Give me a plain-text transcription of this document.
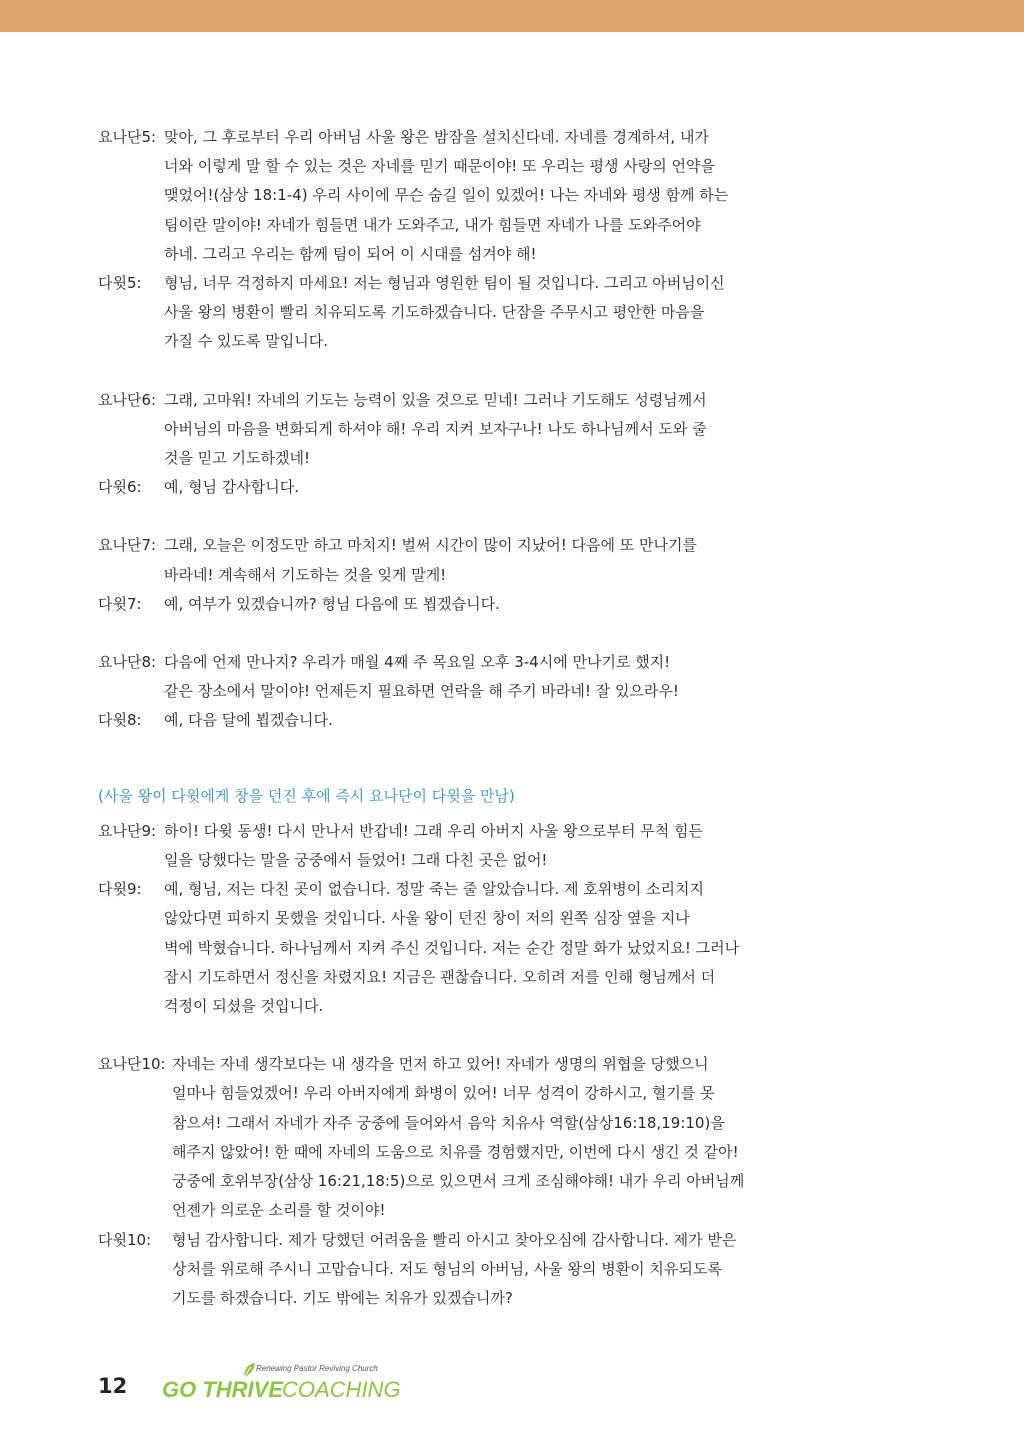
요나단5: 맞아, 그 후로부터 우리 아버님 사울 왕은 밤잠을 설치신다네. 자네를 경계하셔, 내가
너와 이렇게 말 할 수 있는 것은 자네를 믿기 때문이야! 또 우리는 평생 사랑의 언약을
맺었어!(삼상 18:1-4) 우리 사이에 무슨 숨길 일이 있겠어! 나는 자네와 평생 함께 하는
팀이란 말이야! 자네가 힘들면 내가 도와주고, 내가 힘들면 자네가 나를 도와주어야
하네. 그리고 우리는 함께 팀이 되어 이 시대를 섬겨야 해!
다윗5:	형님, 너무 걱정하지 마세요! 저는 형님과 영원한 팀이 될 것입니다. 그리고 아버님이신
사울 왕의 병환이 빨리 치유되도록 기도하겠습니다. 단잠을 주무시고 평안한 마음을
가질 수 있도록 말입니다.
요나단6: 그래, 고마워! 자네의 기도는 능력이 있을 것으로 믿네! 그러나 기도해도 성령님께서
아버님의 마음을 변화되게 하셔야 해! 우리 지켜 보자구나! 나도 하나님께서 도와 줄
것을 믿고 기도하겠네!
다윗6:	예, 형님 감사합니다.
요나단7: 그래, 오늘은 이정도만 하고 마치지! 벌써 시간이 많이 지났어! 다음에 또 만나기를
바라네! 계속해서 기도하는 것을 잊게 말게!
다윗7:	예, 여부가 있겠습니까? 형님 다음에 또 뵙겠습니다.
요나단8: 다음에 언제 만나지? 우리가 매월 4째 주 목요일 오후 3-4시에 만나기로 했지!
같은 장소에서 말이야! 언제든지 필요하면 연락을 해 주기 바라네! 잘 있으라우!
다윗8:	예, 다음 달에 뵙겠습니다.
(사울 왕이 다윗에게 창을 던진 후에 즉시 요나단이 다윗을 만남)
요나단9: 하이! 다윗 동생! 다시 만나서 반갑네! 그래 우리 아버지 사울 왕으로부터 무척 힘든
일을 당했다는 말을 궁중에서 들었어! 그래 다친 곳은 없어!
다윗9:	예, 형님, 저는 다친 곳이 없습니다. 정말 죽는 줄 알았습니다. 제 호위병이 소리치지
않았다면 피하지 못했을 것입니다. 사울 왕이 던진 창이 저의 왼쪽 심장 옆을 지나
벽에 박혔습니다. 하나님께서 지켜 주신 것입니다. 저는 순간 정말 화가 났었지요! 그러나
잠시 기도하면서 정신을 차렸지요! 지금은 괜찮습니다. 오히려 저를 인해 형님께서 더
걱정이 되셨을 것입니다.
요나단10: 자네는 자네 생각보다는 내 생각을 먼저 하고 있어! 자네가 생명의 위협을 당했으니
얼마나 힘들었겠어! 우리 아버지에게 화병이 있어! 너무 성격이 강하시고, 혈기를 못
참으셔! 그래서 자네가 자주 궁중에 들어와서 음악 치유사 역할(삼상16:18,19:10)을
해주지 않았어! 한 때에 자네의 도움으로 치유를 경험했지만, 이번에 다시 생긴 것 같아!
궁중에 호위부장(삼상 16:21,18:5)으로 있으면서 크게 조심해야해! 내가 우리 아버님께
언젠가 의로운 소리를 할 것이야!
다윗10:	형님 감사합니다. 제가 당했던 어려움을 빨리 아시고 찾아오심에 감사합니다. 제가 받은
상처를 위로해 주시니 고맙습니다. 저도 형님의 아버님, 사울 왕의 병환이 치유되도록
기도를 하겠습니다. 기도 밖에는 치유가 있겠습니까?
12
Renewing Pastor Reviving Church
GO THRIVE
COACHING
